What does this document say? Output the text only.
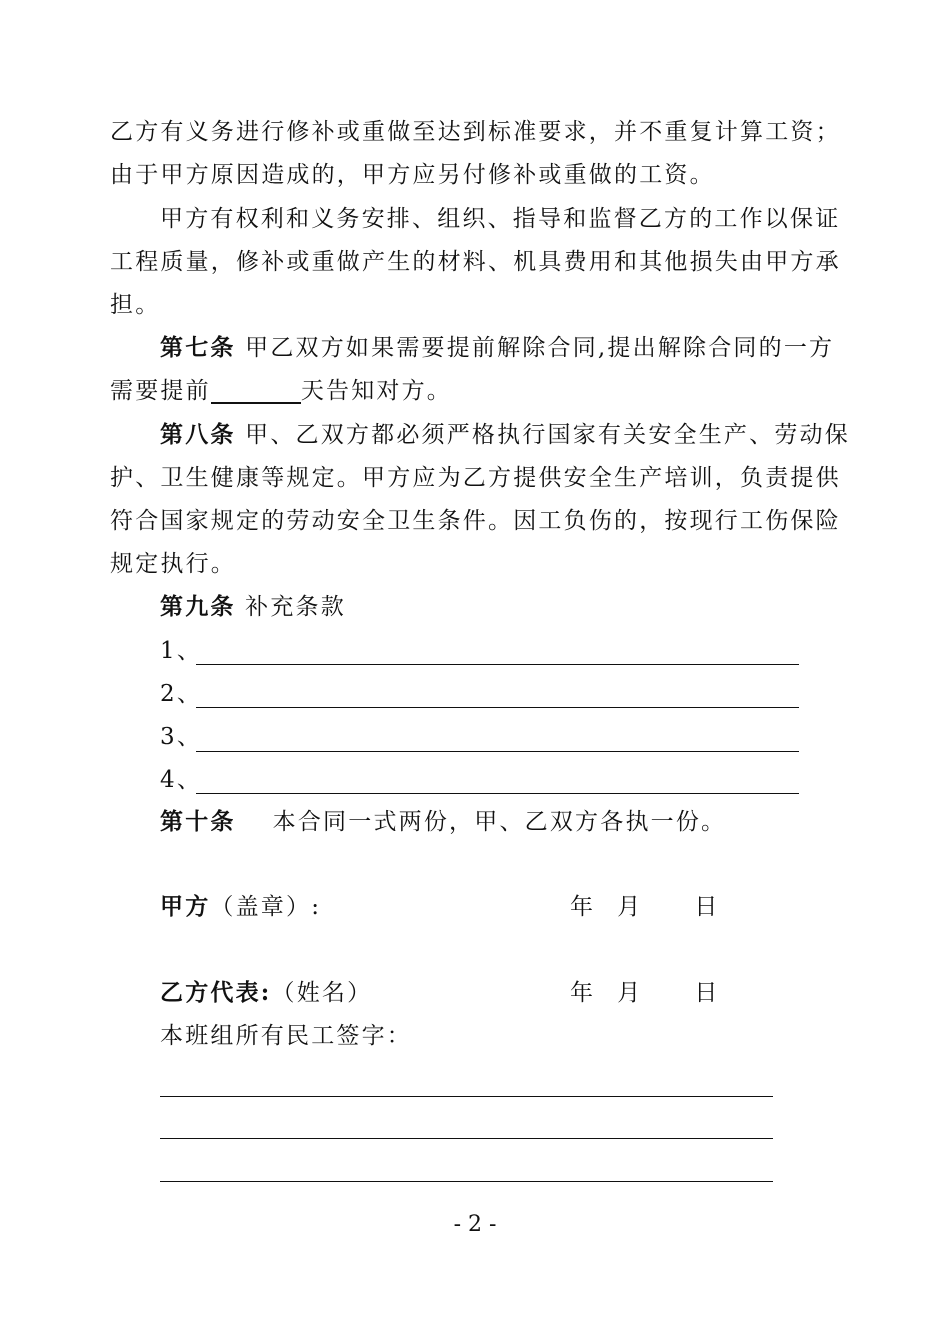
乙方有义务进行修补或重做至达到标准要求，并不重复计算工资；
由于甲方原因造成的，甲方应另付修补或重做的工资。
甲方有权利和义务安排、组织、指导和监督乙方的工作以保证
工程质量，修补或重做产生的材料、机具费用和其他损失由甲方承
担。
第七条 甲乙双方如果需要提前解除合同,提出解除合同的一方
需要提前	天告知对方。
第八条 甲、乙双方都必须严格执行国家有关安全生产、劳动保
护、卫生健康等规定。甲方应为乙方提供安全生产培训，负责提供
符合国家规定的劳动安全卫生条件。因工负伤的，按现行工伤保险
规定执行。
第九条 补充条款
1、
2、
3、
4、
第十条 本合同一式两份，甲、乙双方各执一份。
甲方（盖章）:	年 月 日
乙方代表:（姓名）	年 月 日
本班组所有民工签字：
- 2 -
